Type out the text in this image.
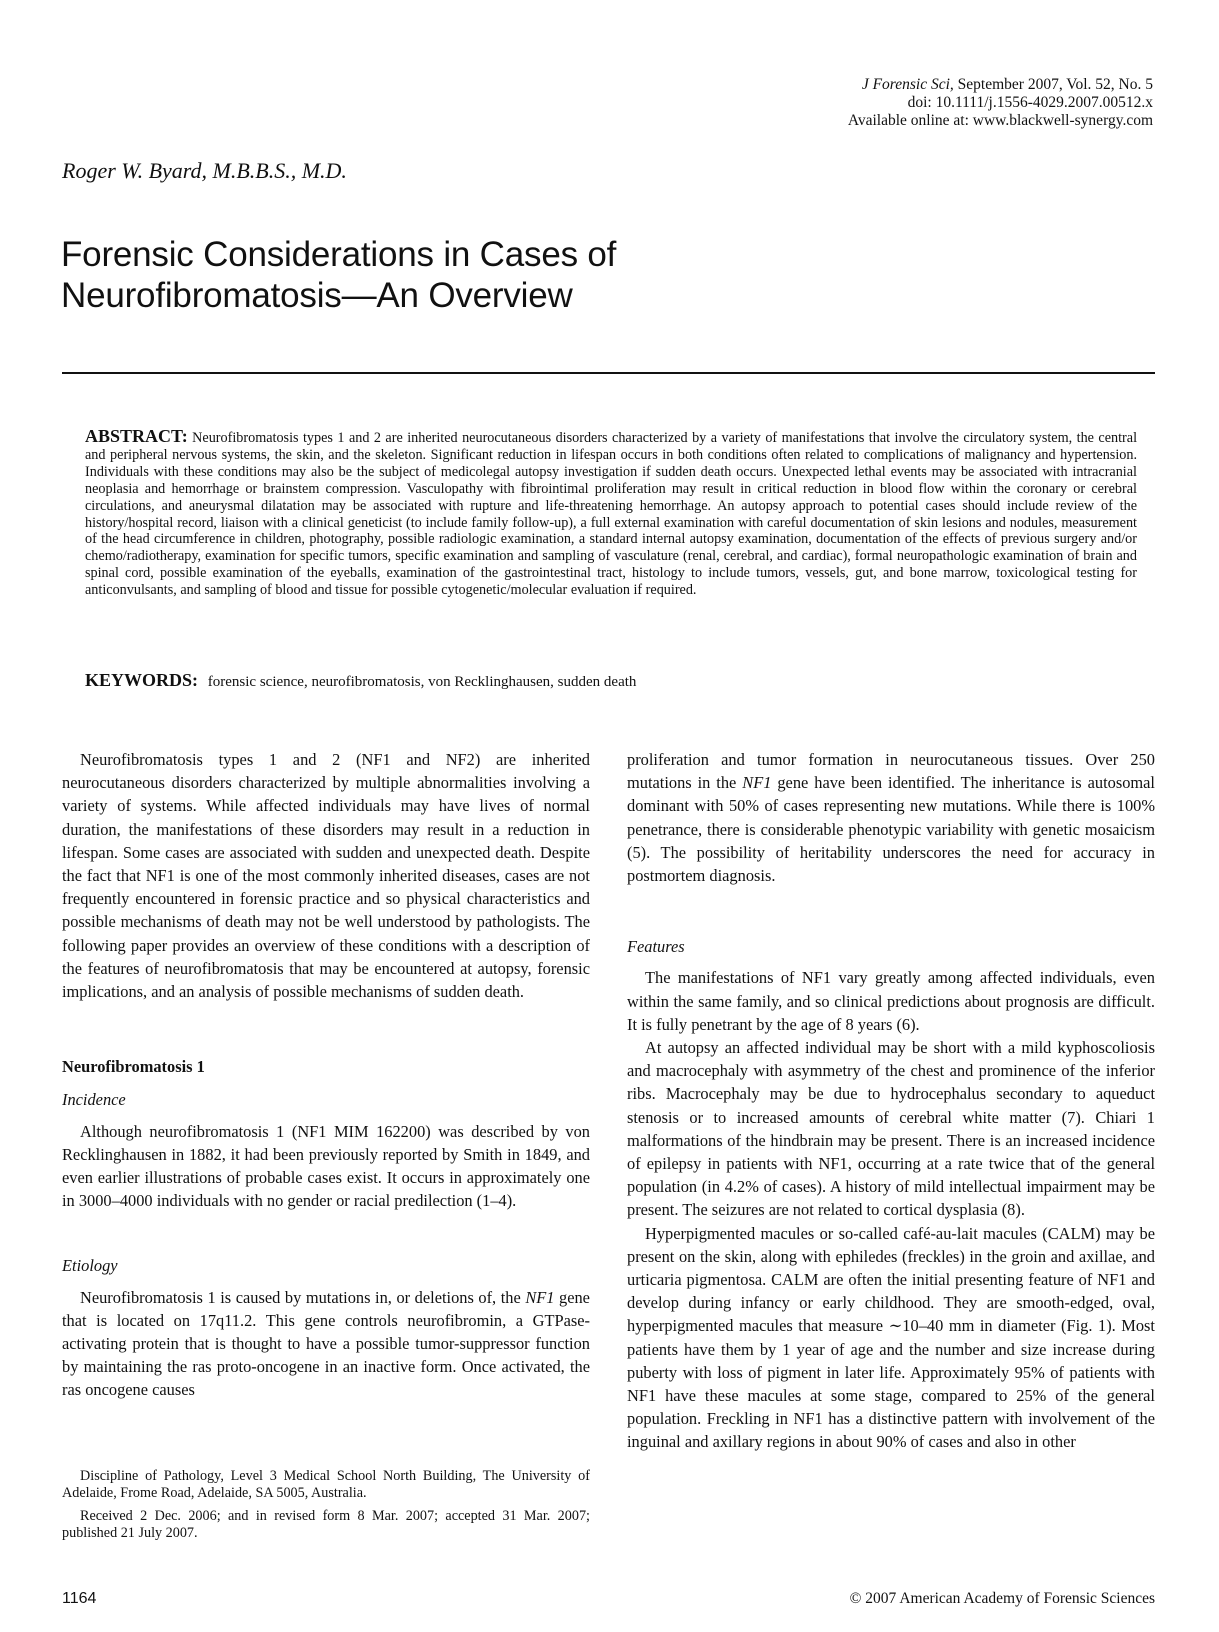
J Forensic Sci, September 2007, Vol. 52, No. 5
doi: 10.1111/j.1556-4029.2007.00512.x
Available online at: www.blackwell-synergy.com
Roger W. Byard, M.B.B.S., M.D.
Forensic Considerations in Cases of
Neurofibromatosis—An Overview
ABSTRACT: Neurofibromatosis types 1 and 2 are inherited neurocutaneous disorders characterized by a variety of manifestations that involve the circulatory system, the central and peripheral nervous systems, the skin, and the skeleton. Significant reduction in lifespan occurs in both conditions often related to complications of malignancy and hypertension. Individuals with these conditions may also be the subject of medicolegal autopsy investigation if sudden death occurs. Unexpected lethal events may be associated with intracranial neoplasia and hemorrhage or brainstem compression. Vasculopathy with fibrointimal proliferation may result in critical reduction in blood flow within the coronary or cerebral circulations, and aneurysmal dilatation may be associated with rupture and life-threatening hemorrhage. An autopsy approach to potential cases should include review of the history/hospital record, liaison with a clinical geneticist (to include family follow-up), a full external examination with careful documentation of skin lesions and nodules, measurement of the head circumference in children, photography, possible radiologic examination, a standard internal autopsy examination, documentation of the effects of previous surgery and/or chemo/radiotherapy, examination for specific tumors, specific examination and sampling of vasculature (renal, cerebral, and cardiac), formal neuropathologic examination of brain and spinal cord, possible examination of the eyeballs, examination of the gastrointestinal tract, histology to include tumors, vessels, gut, and bone marrow, toxicological testing for anticonvulsants, and sampling of blood and tissue for possible cytogenetic/molecular evaluation if required.
KEYWORDS: forensic science, neurofibromatosis, von Recklinghausen, sudden death

Neurofibromatosis types 1 and 2 (NF1 and NF2) are inherited neurocutaneous disorders characterized by multiple abnormalities involving a variety of systems. While affected individuals may have lives of normal duration, the manifestations of these disorders may result in a reduction in lifespan. Some cases are associated with sudden and unexpected death. Despite the fact that NF1 is one of the most commonly inherited diseases, cases are not frequently encountered in forensic practice and so physical characteristics and possible mechanisms of death may not be well understood by pathologists. The following paper provides an overview of these conditions with a description of the features of neurofibromatosis that may be encountered at autopsy, forensic implications, and an analysis of possible mechanisms of sudden death.

Neurofibromatosis 1

Incidence

Although neurofibromatosis 1 (NF1 MIM 162200) was described by von Recklinghausen in 1882, it had been previously reported by Smith in 1849, and even earlier illustrations of probable cases exist. It occurs in approximately one in 3000–4000 individuals with no gender or racial predilection (1–4).

Etiology

Neurofibromatosis 1 is caused by mutations in, or deletions of, the NF1 gene that is located on 17q11.2. This gene controls neurofibromin, a GTPase-activating protein that is thought to have a possible tumor-suppressor function by maintaining the ras proto-oncogene in an inactive form. Once activated, the ras oncogene causes

proliferation and tumor formation in neurocutaneous tissues. Over 250 mutations in the NF1 gene have been identified. The inheritance is autosomal dominant with 50% of cases representing new mutations. While there is 100% penetrance, there is considerable phenotypic variability with genetic mosaicism (5). The possibility of heritability underscores the need for accuracy in postmortem diagnosis.

Features

The manifestations of NF1 vary greatly among affected individuals, even within the same family, and so clinical predictions about prognosis are difficult. It is fully penetrant by the age of 8 years (6).

At autopsy an affected individual may be short with a mild kyphoscoliosis and macrocephaly with asymmetry of the chest and prominence of the inferior ribs. Macrocephaly may be due to hydrocephalus secondary to aqueduct stenosis or to increased amounts of cerebral white matter (7). Chiari 1 malformations of the hindbrain may be present. There is an increased incidence of epilepsy in patients with NF1, occurring at a rate twice that of the general population (in 4.2% of cases). A history of mild intellectual impairment may be present. The seizures are not related to cortical dysplasia (8).

Hyperpigmented macules or so-called café-au-lait macules (CALM) may be present on the skin, along with ephiledes (freckles) in the groin and axillae, and urticaria pigmentosa. CALM are often the initial presenting feature of NF1 and develop during infancy or early childhood. They are smooth-edged, oval, hyperpigmented macules that measure ∼10–40 mm in diameter (Fig. 1). Most patients have them by 1 year of age and the number and size increase during puberty with loss of pigment in later life. Approximately 95% of patients with NF1 have these macules at some stage, compared to 25% of the general population. Freckling in NF1 has a distinctive pattern with involvement of the inguinal and axillary regions in about 90% of cases and also in other

Discipline of Pathology, Level 3 Medical School North Building, The University of Adelaide, Frome Road, Adelaide, SA 5005, Australia.

Received 2 Dec. 2006; and in revised form 8 Mar. 2007; accepted 31 Mar. 2007; published 21 July 2007.

1164	© 2007 American Academy of Forensic Sciences
